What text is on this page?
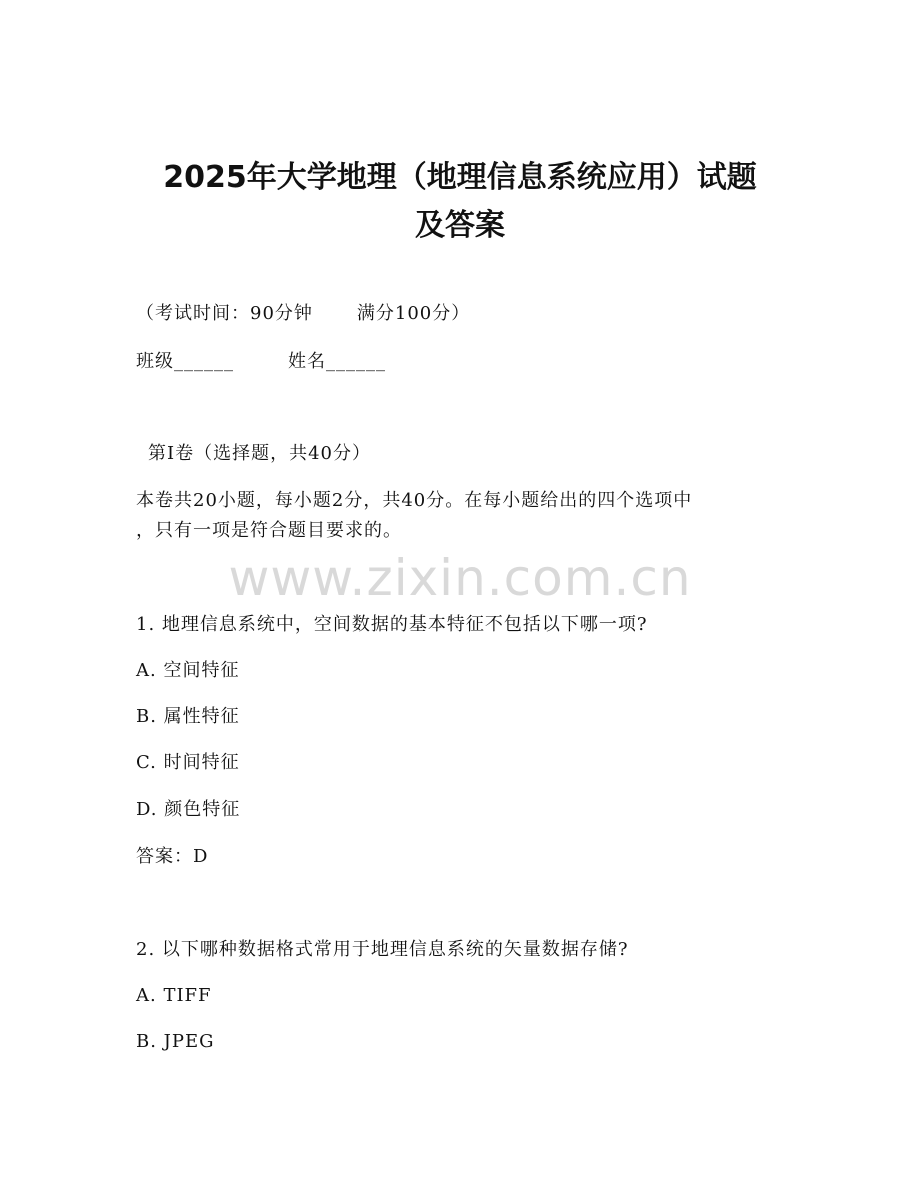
2025年大学地理（地理信息系统应用）试题
及答案
（考试时间：90分钟 满分100分）
班级______	姓名______
第I卷（选择题，共40分）
本卷共20小题，每小题2分，共40分。在每小题给出的四个选项中
，只有一项是符合题目要求的。
www.zixin.com.cn
1. 地理信息系统中，空间数据的基本特征不包括以下哪一项?
A. 空间特征
B. 属性特征
C. 时间特征
D. 颜色特征
答案：D
2. 以下哪种数据格式常用于地理信息系统的矢量数据存储?
A. TIFF
B. JPEG
